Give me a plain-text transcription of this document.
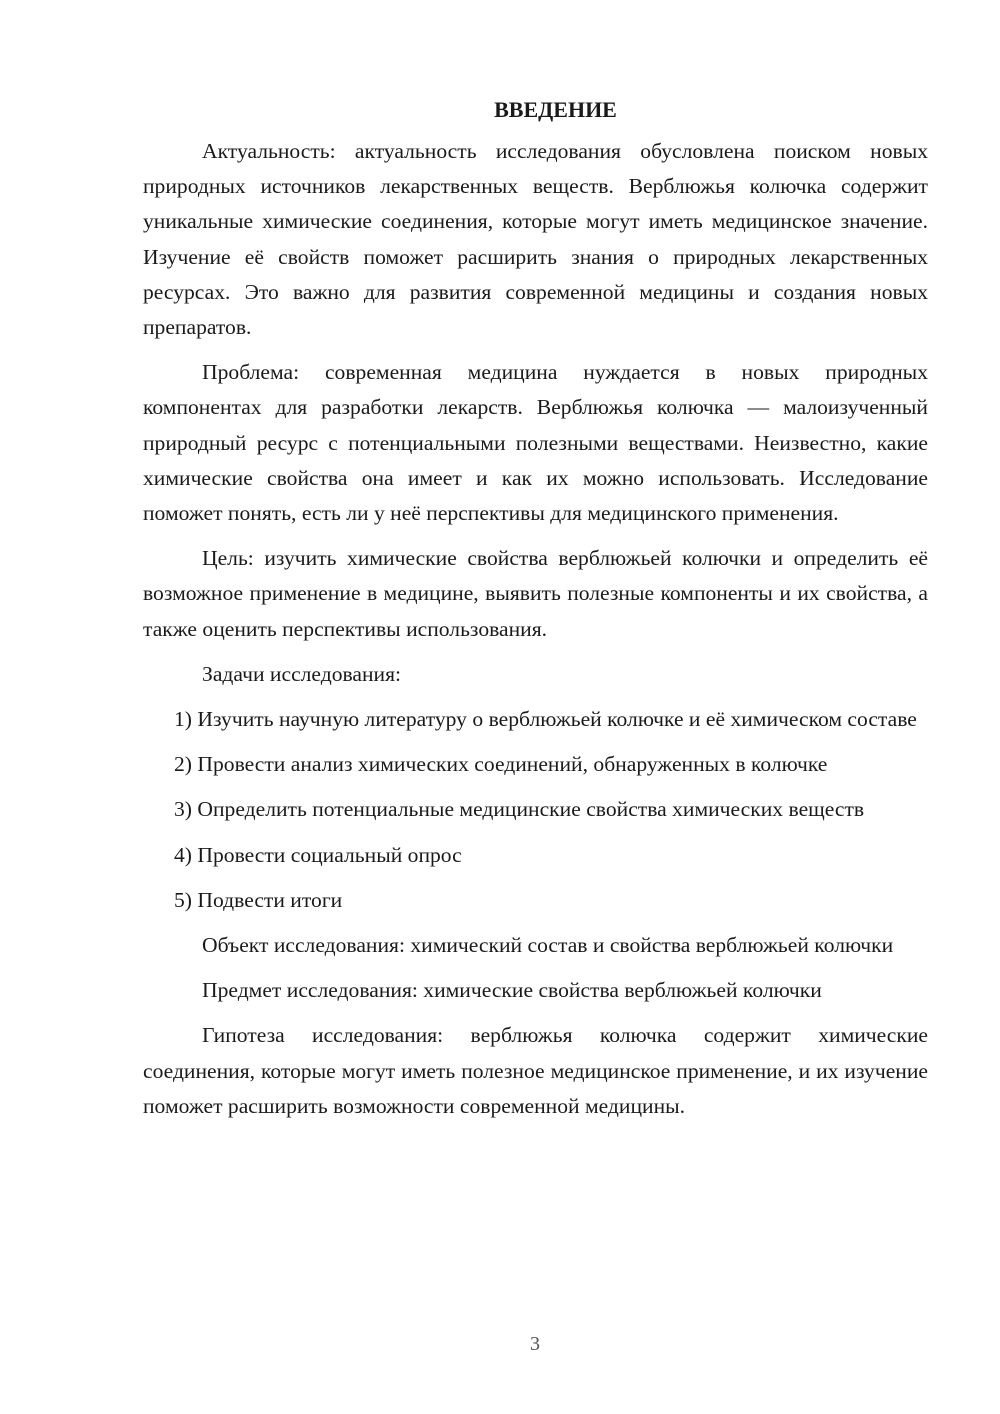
ВВЕДЕНИЕ

Актуальность: актуальность исследования обусловлена поиском новых природных источников лекарственных веществ. Верблюжья колючка содержит уникальные химические соединения, которые могут иметь медицинское значение. Изучение её свойств поможет расширить знания о природных лекарственных ресурсах. Это важно для развития современной медицины и создания новых препаратов.

Проблема: современная медицина нуждается в новых природных компонентах для разработки лекарств. Верблюжья колючка — малоизученный природный ресурс с потенциальными полезными веществами. Неизвестно, какие химические свойства она имеет и как их можно использовать. Исследование поможет понять, есть ли у неё перспективы для медицинского применения.

Цель: изучить химические свойства верблюжьей колючки и определить её возможное применение в медицине, выявить полезные компоненты и их свойства, а также оценить перспективы использования.

Задачи исследования:

1) Изучить научную литературу о верблюжьей колючке и её химическом составе

2) Провести анализ химических соединений, обнаруженных в колючке

3) Определить потенциальные медицинские свойства химических веществ

4) Провести социальный опрос

5) Подвести итоги

Объект исследования: химический состав и свойства верблюжьей колючки

Предмет исследования: химические свойства верблюжьей колючки

Гипотеза исследования: верблюжья колючка содержит химические соединения, которые могут иметь полезное медицинское применение, и их изучение поможет расширить возможности современной медицины.

3
